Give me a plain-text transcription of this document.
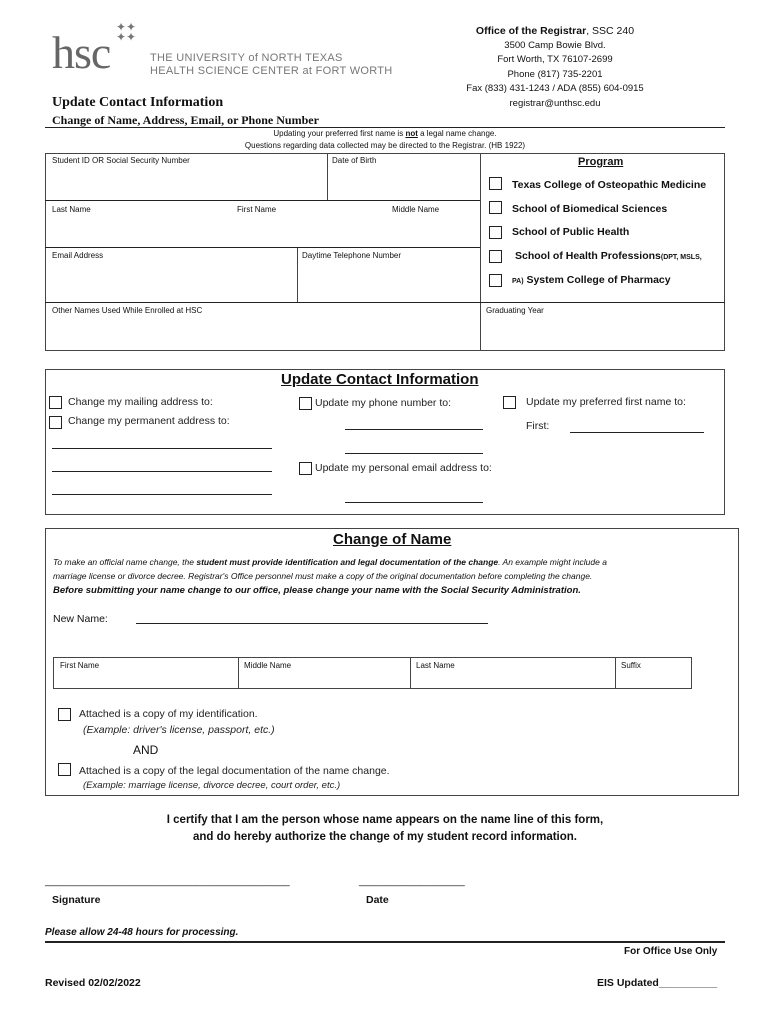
hsc ✦✦
✦✦
THE UNIVERSITY of NORTH TEXAS
HEALTH SCIENCE CENTER at FORT WORTH
Office of the Registrar, SSC 240
3500 Camp Bowie Blvd.
Fort Worth, TX 76107-2699
Phone (817) 735-2201
Fax (833) 431-1243 / ADA (855) 604-0915
registrar@unthsc.edu
Update Contact Information
Change of Name, Address, Email, or Phone Number
Updating your preferred first name is not a legal name change.
Questions regarding data collected may be directed to the Registrar. (HB 1922)
Student ID OR Social Security Number	Date of Birth
Last Name	First Name	Middle Name
Email Address	Daytime Telephone Number
Other Names Used While Enrolled at HSC	Graduating Year
Program
Texas College of Osteopathic Medicine
School of Biomedical Sciences
School of Public Health
School of Health Professions(DPT, MSLS,
PA) System College of Pharmacy
Update Contact Information
Change my mailing address to:
Change my permanent address to:
Update my phone number to:
Update my personal email address to:
Update my preferred first name to:
First:
Change of Name
To make an official name change, the student must provide identification and legal documentation of the change. An example might include a
marriage license or divorce decree. Registrar's Office personnel must make a copy of the original documentation before completing the change.
Before submitting your name change to our office, please change your name with the Social Security Administration.
New Name:
First Name	Middle Name	Last Name	Suffix
Attached is a copy of my identification.
(Example: driver's license, passport, etc.)
AND
Attached is a copy of the legal documentation of the name change.
(Example: marriage license, divorce decree, court order, etc.)
I certify that I am the person whose name appears on the name line of this form,
and do hereby authorize the change of my student record information.
____________________________________________	___________________
Signature	Date
Please allow 24-48 hours for processing.
For Office Use Only
Revised 02/02/2022	EIS Updated__________
